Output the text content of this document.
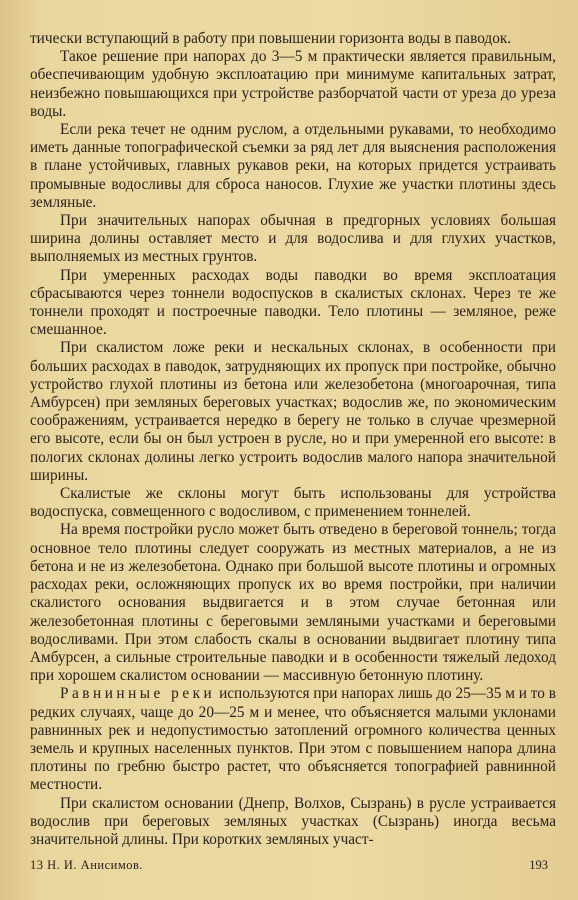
тически вступающий в работу при повышении горизонта воды в паводок.

Такое решение при напорах до 3—5 м практически является правильным, обеспечивающим удобную эксплоатацию при минимуме капитальных затрат, неизбежно повышающихся при устройстве разборчатой части от уреза до уреза воды.

Если река течет не одним руслом, а отдельными рукавами, то необходимо иметь данные топографической съемки за ряд лет для выяснения расположения в плане устойчивых, главных рукавов реки, на которых придется устраивать промывные водосливы для сброса наносов. Глухие же участки плотины здесь земляные.

При значительных напорах обычная в предгорных условиях большая ширина долины оставляет место и для водослива и для глухих участков, выполняемых из местных грунтов.

При умеренных расходах воды паводки во время эксплоатация сбрасываются через тоннели водоспусков в скалистых склонах. Через те же тоннели проходят и построечные паводки. Тело плотины — земляное, реже смешанное.

При скалистом ложе реки и нескальных склонах, в особенности при больших расходах в паводок, затрудняющих их пропуск при постройке, обычно устройство глухой плотины из бетона или железобетона (многоарочная, типа Амбурсен) при земляных береговых участках; водослив же, по экономическим соображениям, устраивается нередко в берегу не только в случае чрезмерной его высоте, если бы он был устроен в русле, но и при умеренной его высоте: в пологих склонах долины легко устроить водослив малого напора значительной ширины.

Скалистые же склоны могут быть использованы для устройства водоспуска, совмещенного с водосливом, с применением тоннелей.

На время постройки русло может быть отведено в береговой тоннель; тогда основное тело плотины следует сооружать из местных материалов, а не из бетона и не из железобетона. Однако при большой высоте плотины и огромных расходах реки, осложняющих пропуск их во время постройки, при наличии скалистого основания выдвигается и в этом случае бетонная или железобетонная плотины с береговыми земляными участками и береговыми водосливами. При этом слабость скалы в основании выдвигает плотину типа Амбурсен, а сильные строительные паводки и в особенности тяжелый ледоход при хорошем скалистом основании — массивную бетонную плотину.

Равнинные реки используются при напорах лишь до 25—35 м и то в редких случаях, чаще до 20—25 м и менее, что объясняется малыми уклонами равнинных рек и недопустимостью затоплений огромного количества ценных земель и крупных населенных пунктов. При этом с повышением напора длина плотины по гребню быстро растет, что объясняется топографией равнинной местности.

При скалистом основании (Днепр, Волхов, Сызрань) в русле устраивается водослив при береговых земляных участках (Сызрань) иногда весьма значительной длины. При коротких земляных участ-

13 Н. И. Анисимов.	193
